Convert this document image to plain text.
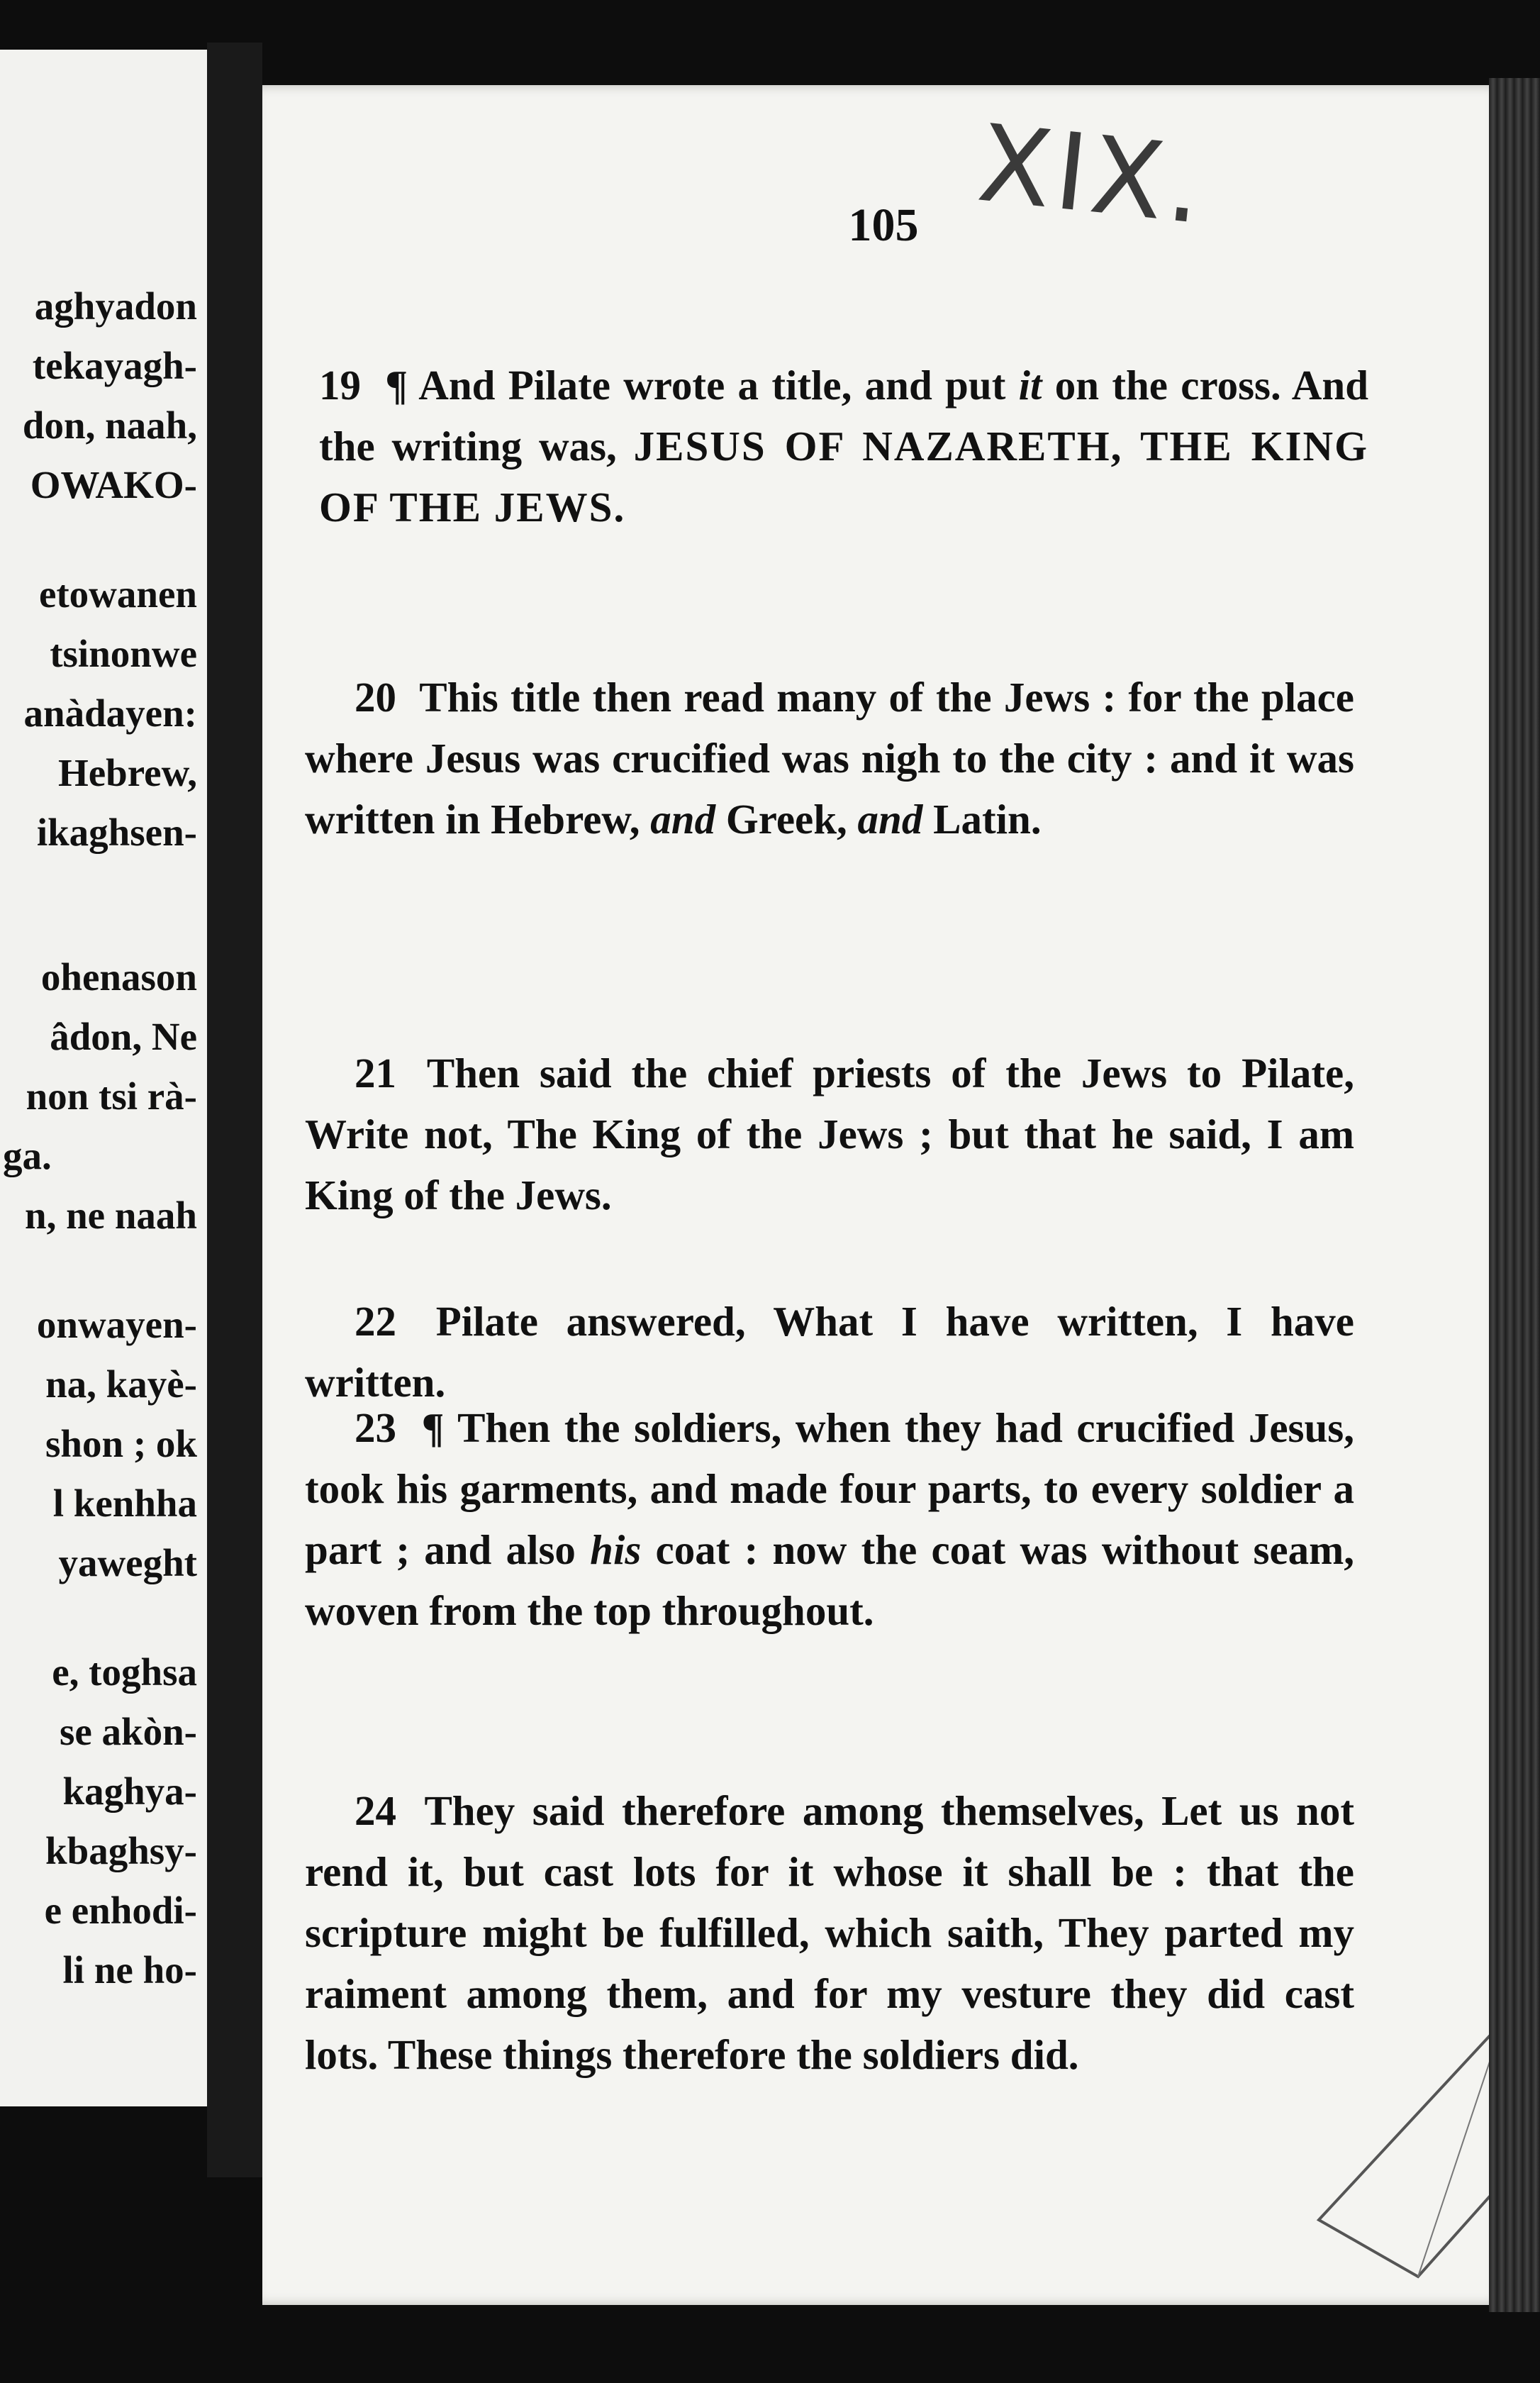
aghyadon
tekayagh-
don, naah,
OWAKO-
etowanen
tsinonwe
anàdayen:
Hebrew,
ikaghsen-
ohenason
âdon, Ne
non tsi rà-
ga.
n, ne naah
onwayen-
na, kayè-
shon ; ok
l kenhha
yaweght
e, toghsa
se akòn-
kaghya-
kbaghsy-
e enhodi-
li ne ho-
XIX.
105

19 ¶ And Pilate wrote a title, and put it on the cross. And the writing was, JESUS OF NAZARETH, THE KING OF THE JEWS.

20 This title then read many of the Jews : for the place where Jesus was crucified was nigh to the city : and it was written in Hebrew, and Greek, and Latin.

21 Then said the chief priests of the Jews to Pilate, Write not, The King of the Jews ; but that he said, I am King of the Jews.

22 Pilate answered, What I have written, I have written.

23 ¶ Then the soldiers, when they had crucified Jesus, took his garments, and made four parts, to every soldier a part ; and also his coat : now the coat was without seam, woven from the top throughout.

24 They said therefore among themselves, Let us not rend it, but cast lots for it whose it shall be : that the scripture might be fulfilled, which saith, They parted my raiment among them, and for my vesture they did cast lots. These things therefore the soldiers did.
